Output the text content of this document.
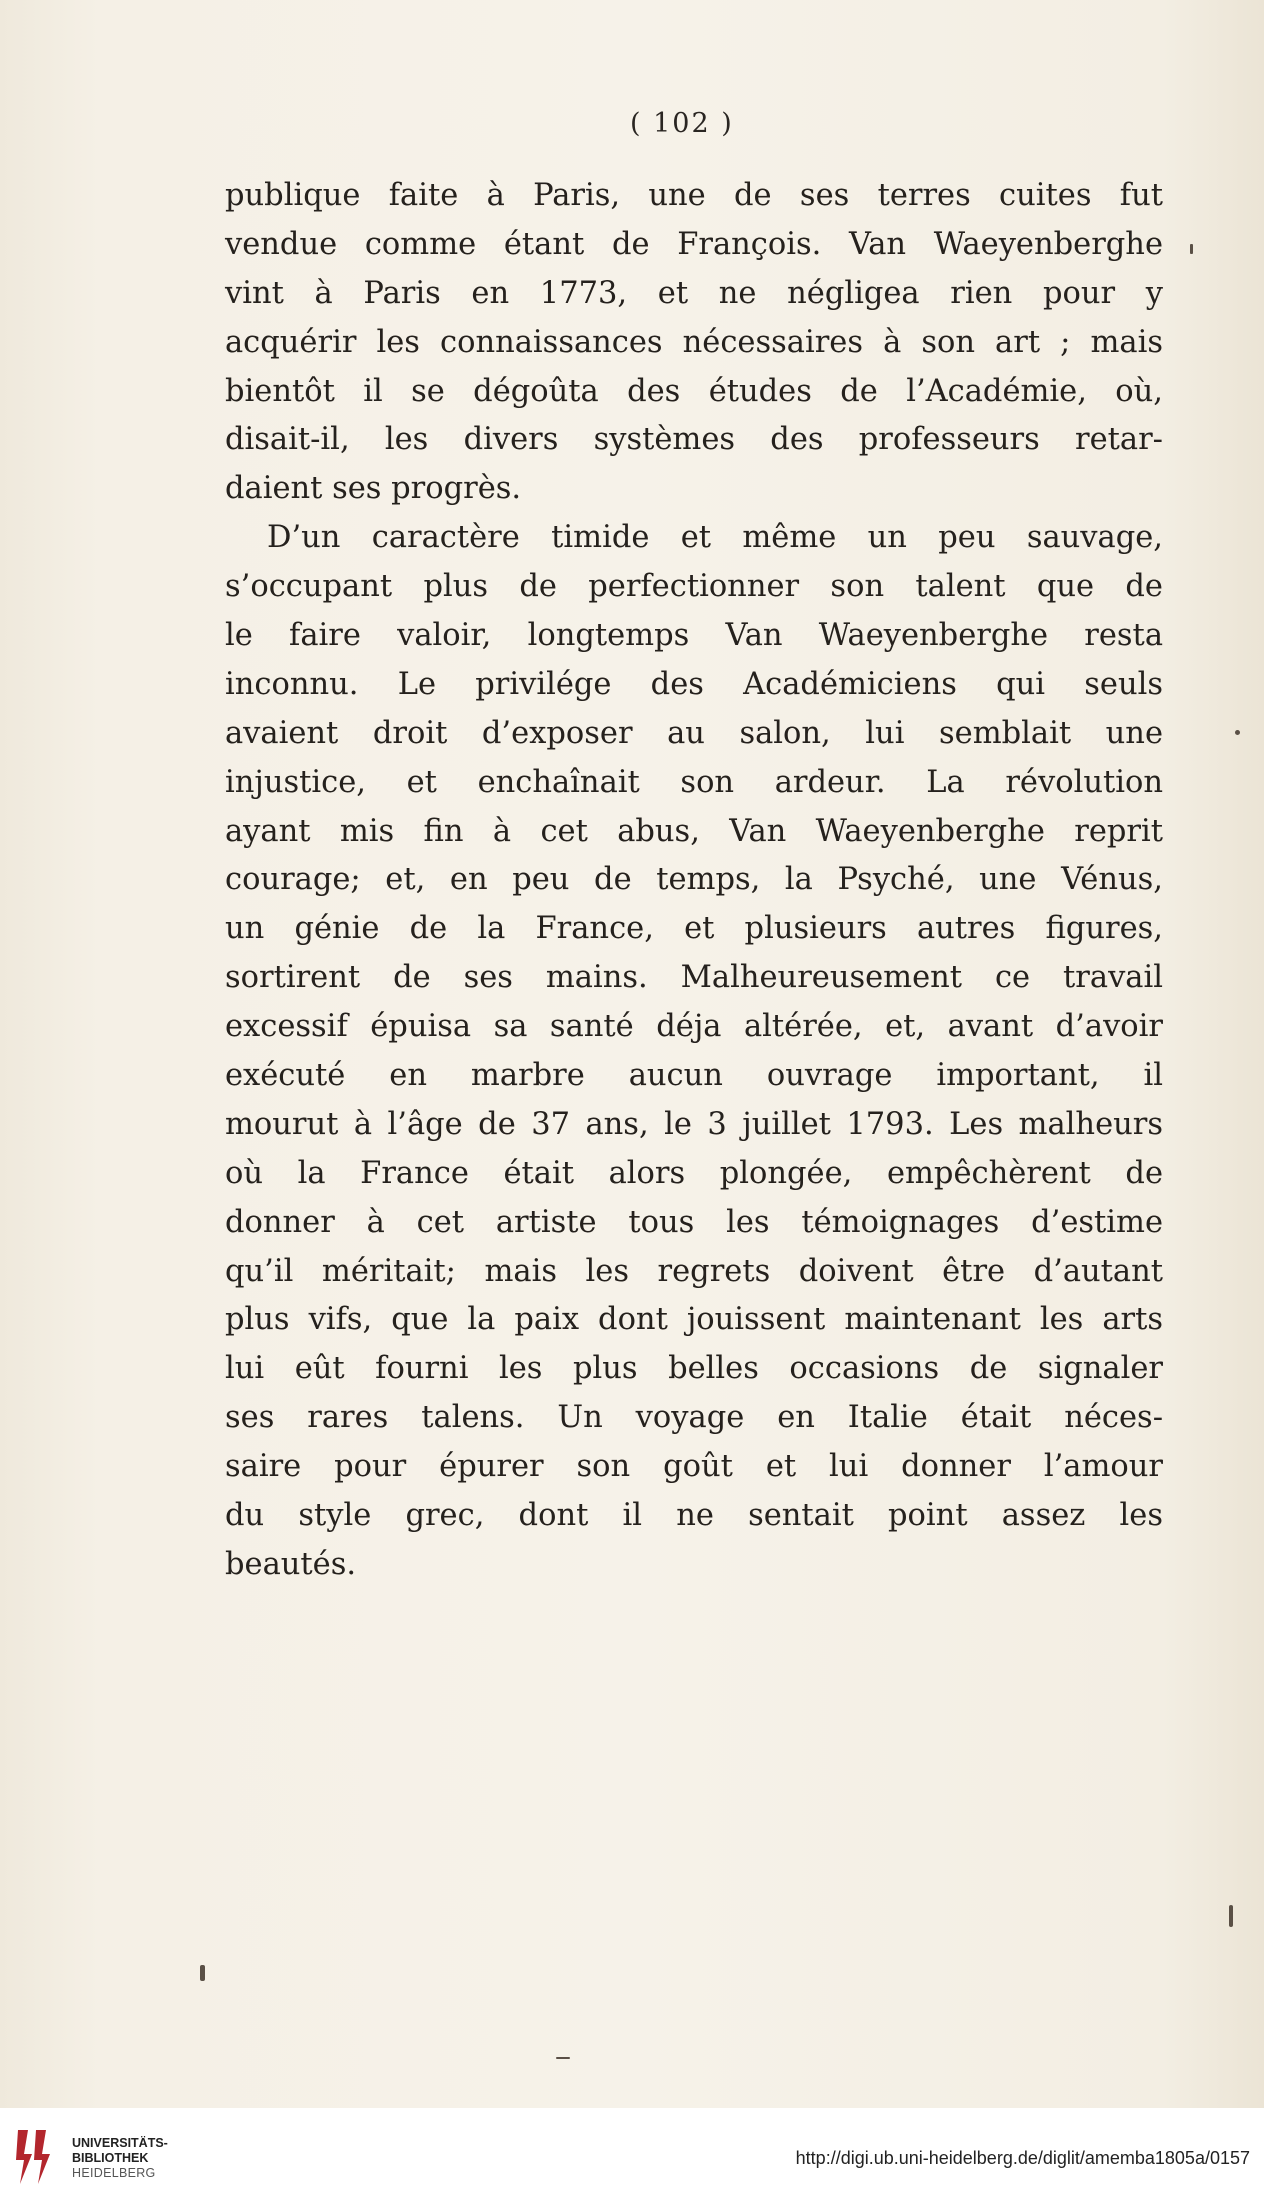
( 102 )
publique faite à Paris, une de ses terres cuites fut
vendue comme étant de François. Van Waeyenberghe
vint à Paris en 1773, et ne négligea rien pour y
acquérir les connaissances nécessaires à son art ; mais
bientôt il se dégoûta des études de l’Académie, où,
disait-il, les divers systèmes des professeurs retar-
daient ses progrès.
D’un caractère timide et même un peu sauvage,
s’occupant plus de perfectionner son talent que de
le faire valoir, longtemps Van Waeyenberghe resta
inconnu. Le privilége des Académiciens qui seuls
avaient droit d’exposer au salon, lui semblait une
injustice, et enchaînait son ardeur. La révolution
ayant mis fin à cet abus, Van Waeyenberghe reprit
courage; et, en peu de temps, la Psyché, une Vénus,
un génie de la France, et plusieurs autres figures,
sortirent de ses mains. Malheureusement ce travail
excessif épuisa sa santé déja altérée, et, avant d’avoir
exécuté en marbre aucun ouvrage important, il
mourut à l’âge de 37 ans, le 3 juillet 1793. Les malheurs
où la France était alors plongée, empêchèrent de
donner à cet artiste tous les témoignages d’estime
qu’il méritait; mais les regrets doivent être d’autant
plus vifs, que la paix dont jouissent maintenant les arts
lui eût fourni les plus belles occasions de signaler
ses rares talens. Un voyage en Italie était néces-
saire pour épurer son goût et lui donner l’amour
du style grec, dont il ne sentait point assez les
beautés.
UNIVERSITÄTS-
BIBLIOTHEK
HEIDELBERG
http://digi.ub.uni-heidelberg.de/diglit/amemba1805a/0157
